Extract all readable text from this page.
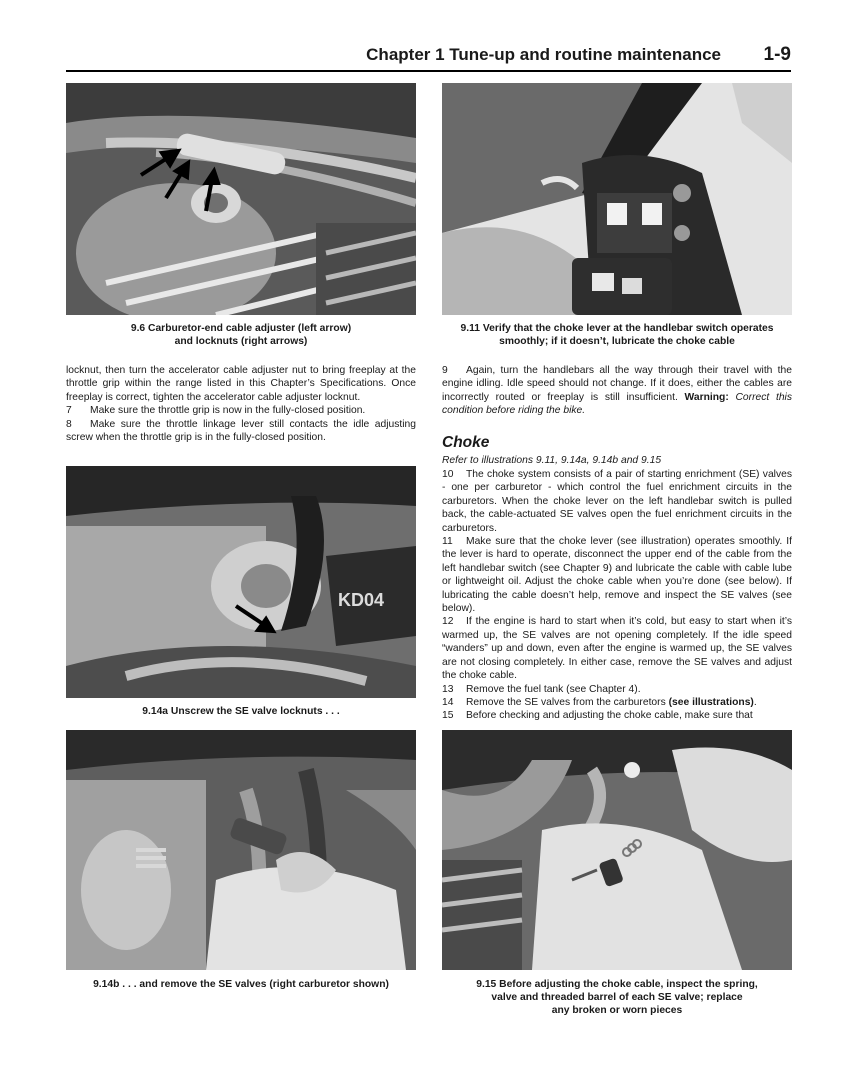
Chapter 1 Tune-up and routine maintenance 1-9
9.6 Carburetor-end cable adjuster (left arrow)
and locknuts (right arrows)
9.11 Verify that the choke lever at the handlebar switch operates
smoothly; if it doesn’t, lubricate the choke cable

locknut, then turn the accelerator cable adjuster nut to bring freeplay at the throttle grip within the range listed in this Chapter’s Specifications. Once freeplay is correct, tighten the accelerator cable adjuster locknut.

7 Make sure the throttle grip is now in the fully-closed position.

8 Make sure the throttle linkage lever still contacts the idle adjusting screw when the throttle grip is in the fully-closed position.

KD04
9.14a Unscrew the SE valve locknuts . . .
Choke
Refer to illustrations 9.11, 9.14a, 9.14b and 9.15

9 Again, turn the handlebars all the way through their travel with the engine idling. Idle speed should not change. If it does, either the cables are incorrectly routed or freeplay is still insufficient. Warning: Correct this condition before riding the bike.

10 The choke system consists of a pair of starting enrichment (SE) valves - one per carburetor - which control the fuel enrichment circuits in the carburetors. When the choke lever on the left handlebar switch is pulled back, the cable-actuated SE valves open the fuel enrichment circuits in the carburetors.

11 Make sure that the choke lever (see illustration) operates smoothly. If the lever is hard to operate, disconnect the upper end of the cable from the left handlebar switch (see Chapter 9) and lubricate the cable with cable lube or lightweight oil. Adjust the choke cable when you’re done (see below). If lubricating the cable doesn’t help, remove and inspect the SE valves (see below).

12 If the engine is hard to start when it’s cold, but easy to start when it’s warmed up, the SE valves are not opening completely. If the idle speed “wanders” up and down, even after the engine is warmed up, the SE valves are not closing completely. In either case, remove the SE valves and adjust the choke cable.

13 Remove the fuel tank (see Chapter 4).

14 Remove the SE valves from the carburetors (see illustrations).

15 Before checking and adjusting the choke cable, make sure that

9.14b . . . and remove the SE valves (right carburetor shown)	9.15 Before adjusting the choke cable, inspect the spring,
valve and threaded barrel of each SE valve; replace
any broken or worn pieces
